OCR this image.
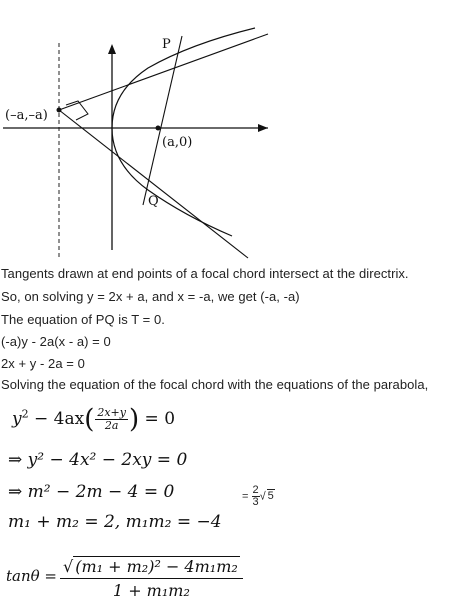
P
Q
(–a,–a)
(a,0)
Tangents drawn at end points of a focal chord intersect at the directrix.
So, on solving y = 2x + a, and x = -a, we get (-a, -a)
The equation of PQ is T = 0.
(-a)y - 2a(x - a) = 0
2x + y - 2a = 0
Solving the equation of the focal chord with the equations of the parabola,
$y^2 - 4ax( \frac{2x+y}{2a}$ ) = 0
⇒ y² − 4x² − 2xy = 0
⇒ m² − 2m − 4 = 0	= $\frac{2}{3}$ √ 5
m₁ + m₂ = 2, m₁m₂ = −4
$\tan\theta = \frac{\text{√ (m₁ + m₂)² − 4m₁m₂}}{\text{1 + m₁m₂}}$
